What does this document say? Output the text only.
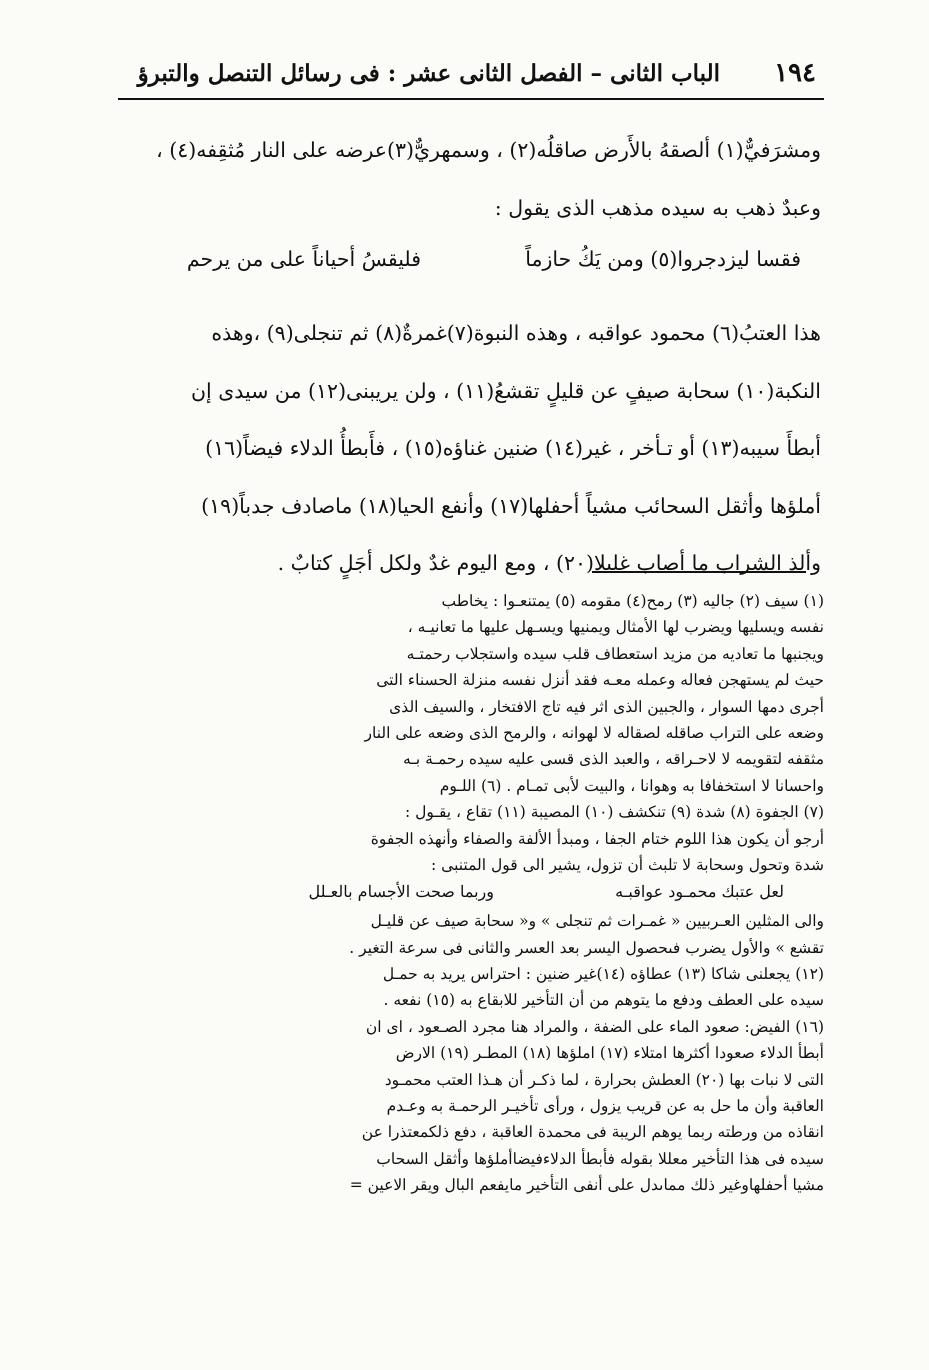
١٩٤
الباب الثانى – الفصل الثانى عشر : فى رسائل التنصل والتبرؤ
ومشرَفيٌّ(١) ألصقهُ بالأَرض صاقلُه(٢) ، وسمهريٌّ(٣)عرضه على النار مُثقِفه(٤) ،
وعبدٌ ذهب به سيده مذهب الذى يقول :
فقسا ليزدجروا(٥) ومن يَكُ حازماً
فليقسُ أحياناً على من يرحم
هذا العتبُ(٦) محمود عواقبه ، وهذه النبوة(٧)غمرةٌ(٨) ثم تنجلى(٩) ،وهذه
النكبة(١٠) سحابة صيفٍ عن قليلٍ تقشعُ(١١) ، ولن يريبنى(١٢) من سيدى إن
أبطأَ سيبه(١٣) أو تـأخر ، غير(١٤) ضنين غناؤه(١٥) ، فأَبطأُ الدلاء فيضاً(١٦)
أملؤها وأثقل السحائب مشياً أحفلها(١٧) وأنفع الحيا(١٨) ماصادف جدباً(١٩)
وألذ الشراب ما أصاب غليلا(٢٠) ، ومع اليوم غدٌ ولكل أجَلٍ كتابٌ .
(١) سيف (٢) جاليه (٣) رمح(٤) مقومه (٥) يمتنعـوا : يخاطب
نفسه ويسليها ويضرب لها الأمثال ويمنيها ويسـهل عليها ما تعانيـه ،
ويجنبها ما تعاديه من مزيد استعطاف قلب سيده واستجلاب رحمتـه
حيث لم يستهجن فعاله وعمله معـه فقد أنزل نفسه منزلة الحسناء التى
أجرى دمها السوار ، والجبين الذى اثر فيه تاج الافتخار ، والسيف الذى
وضعه على التراب صاقله لصقاله لا لهوانه ، والرمح الذى وضعه على النار
مثقفه لتقويمه لا لاحـراقه ، والعبد الذى قسى عليه سيده رحمـة بـه
واحسانا لا استخفافا به وهوانا ، والبيت لأبى تمـام . (٦) اللـوم
(٧) الجفوة (٨) شدة (٩) تنكشف (١٠) المصيبة (١١) تقاع ، يقـول :
أرجو أن يكون هذا اللوم ختام الجفا ، ومبدأ الألفة والصفاء وأنهذه الجفوة
شدة وتحول وسحابة لا تلبث أن تزول، يشير الى قول المتنبى :
لعل عتبك محمـود عواقبـه
وربما صحت الأجسام بالعـلل
والى المثلين العـربيين « غمـرات ثم تنجلى » و« سحابة صيف عن قليـل
تقشع » والأول يضرب فىحصول اليسر بعد العسر والثانى فى سرعة التغير .
(١٢) يجعلنى شاكا (١٣) عطاؤه (١٤)غير ضنين : احتراس يريد به حمـل
سيده على العطف ودفع ما يتوهم من أن التأخير للابقاع به (١٥) نفعه .
(١٦) الفيض: صعود الماء على الضفة ، والمراد هنا مجرد الصـعود ، اى ان
أبطأ الدلاء صعودا أكثرها امتلاء (١٧) املؤها (١٨) المطـر (١٩) الارض
التى لا نبات بها (٢٠) العطش بحرارة ، لما ذكـر أن هـذا العتب محمـود
العاقبة وأن ما حل به عن قريب يزول ، ورأى تأخيـر الرحمـة به وعـدم
انقاذه من ورطته ربما يوهم الريبة فى محمدة العاقبة ، دفع ذلكمعتذرا عن
سيده فى هذا التأخير معللا بقوله فأبطأ الدلاءفيضاأملؤها وأثقل السحاب
مشيا أحفلهاوغير ذلك مماىدل على أنفى التأخير مايفعم البال ويقر الاعين =
